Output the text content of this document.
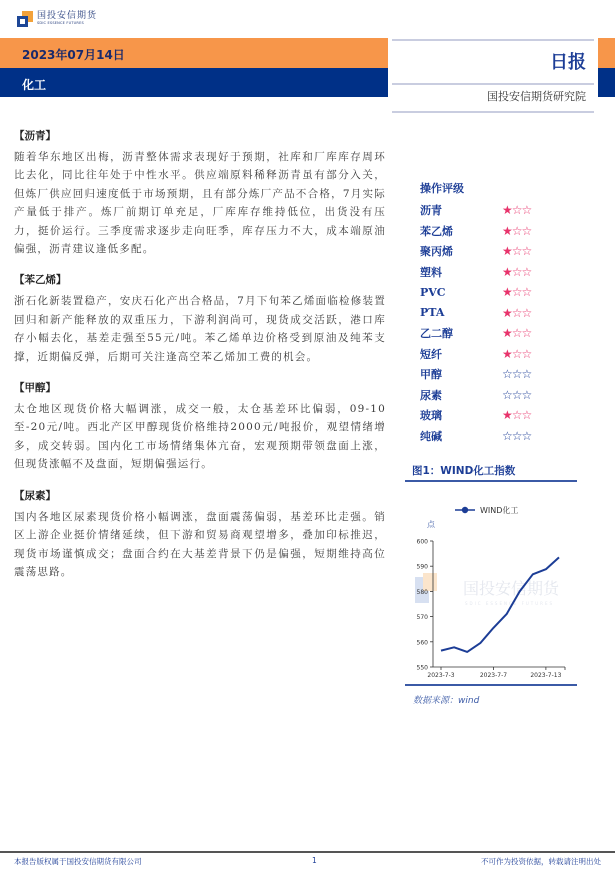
国投安信期货
SDIC ESSENCE FUTURES
2023年07月14日
化工
日报
国投安信期货研究院
【沥青】
随着华东地区出梅，沥青整体需求表现好于预期，社库和厂库库存周环比去化，同比往年处于中性水平。供应端原料稀释沥青虽有部分入关，但炼厂供应回归速度低于市场预期，且有部分炼厂产品不合格，7月实际产量低于排产。炼厂前期订单充足，厂库库存维持低位，出货没有压力，挺价运行。三季度需求逐步走向旺季，库存压力不大，成本端原油偏强，沥青建议逢低多配。
【苯乙烯】
浙石化新装置稳产，安庆石化产出合格品，7月下旬苯乙烯面临检修装置回归和新产能释放的双重压力，下游利润尚可，现货成交活跃，港口库存小幅去化，基差走强至55元/吨。苯乙烯单边价格受到原油及纯苯支撑，近期偏反弹，后期可关注逢高空苯乙烯加工费的机会。
【甲醇】
太仓地区现货价格大幅调涨，成交一般，太仓基差环比偏弱，09-10至-20元/吨。西北产区甲醇现货价格维持2000元/吨报价，观望情绪增多，成交转弱。国内化工市场情绪集体亢奋，宏观预期带领盘面上涨，但现货涨幅不及盘面，短期偏强运行。
【尿素】
国内各地区尿素现货价格小幅调涨，盘面震荡偏弱，基差环比走强。销区上游企业挺价情绪延续，但下游和贸易商观望增多，叠加印标推迟，现货市场谨慎成交；盘面合约在大基差背景下仍是偏强，短期维持高位震荡思路。
操作评级
沥青	★☆☆
苯乙烯	★☆☆
聚丙烯	★☆☆
塑料	★☆☆
PVC	★☆☆
PTA	★☆☆
乙二醇	★☆☆
短纤	★☆☆
甲醇	☆☆☆
尿素	☆☆☆
玻璃	★☆☆
纯碱	☆☆☆
图1：WIND化工指数
国投安信期货
SDIC ESSENCE FUTURES
WIND化工
点
550
560
570
580
590
600
2023-7-3	2023-7-7	2023-7-13
数据来源：wind
本报告版权属于国投安信期货有限公司	1	不可作为投资依据，转载请注明出处
